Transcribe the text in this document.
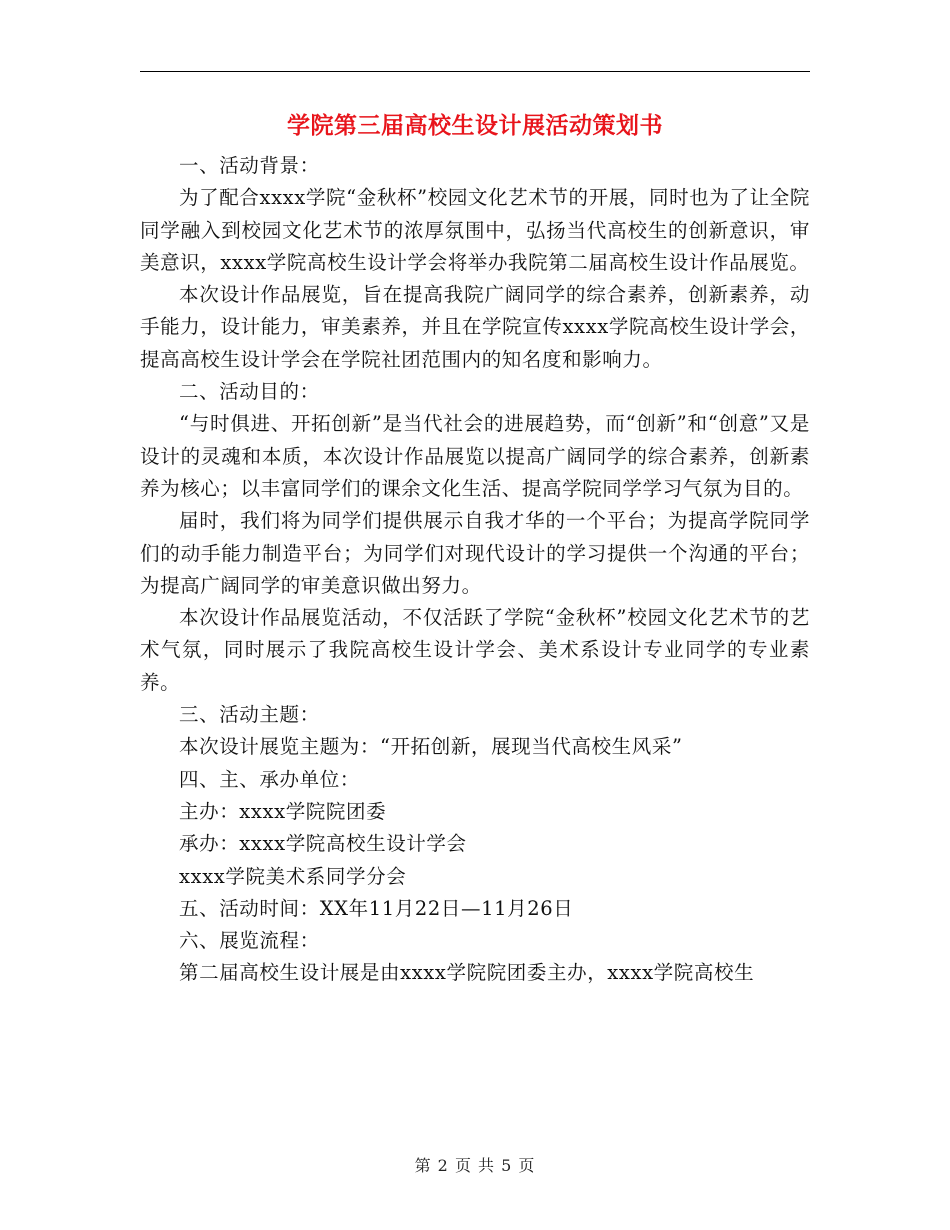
学院第三届高校生设计展活动策划书

一、活动背景：

为了配合xxxx学院“金秋杯”校园文化艺术节的开展，同时也为了让全院同学融入到校园文化艺术节的浓厚氛围中，弘扬当代高校生的创新意识，审美意识，xxxx学院高校生设计学会将举办我院第二届高校生设计作品展览。

本次设计作品展览，旨在提高我院广阔同学的综合素养，创新素养，动手能力，设计能力，审美素养，并且在学院宣传xxxx学院高校生设计学会，提高高校生设计学会在学院社团范围内的知名度和影响力。

二、活动目的：

“与时俱进、开拓创新”是当代社会的进展趋势，而“创新”和“创意”又是设计的灵魂和本质，本次设计作品展览以提高广阔同学的综合素养，创新素养为核心；以丰富同学们的课余文化生活、提高学院同学学习气氛为目的。

届时，我们将为同学们提供展示自我才华的一个平台；为提高学院同学们的动手能力制造平台；为同学们对现代设计的学习提供一个沟通的平台；为提高广阔同学的审美意识做出努力。

本次设计作品展览活动，不仅活跃了学院“金秋杯”校园文化艺术节的艺术气氛，同时展示了我院高校生设计学会、美术系设计专业同学的专业素养。

三、活动主题：

本次设计展览主题为：“开拓创新，展现当代高校生风采”

四、主、承办单位：

主办：xxxx学院院团委

承办：xxxx学院高校生设计学会

xxxx学院美术系同学分会

五、活动时间：XX年11月22日—11月26日

六、展览流程：

第二届高校生设计展是由xxxx学院院团委主办，xxxx学院高校生

第 2 页 共 5 页
